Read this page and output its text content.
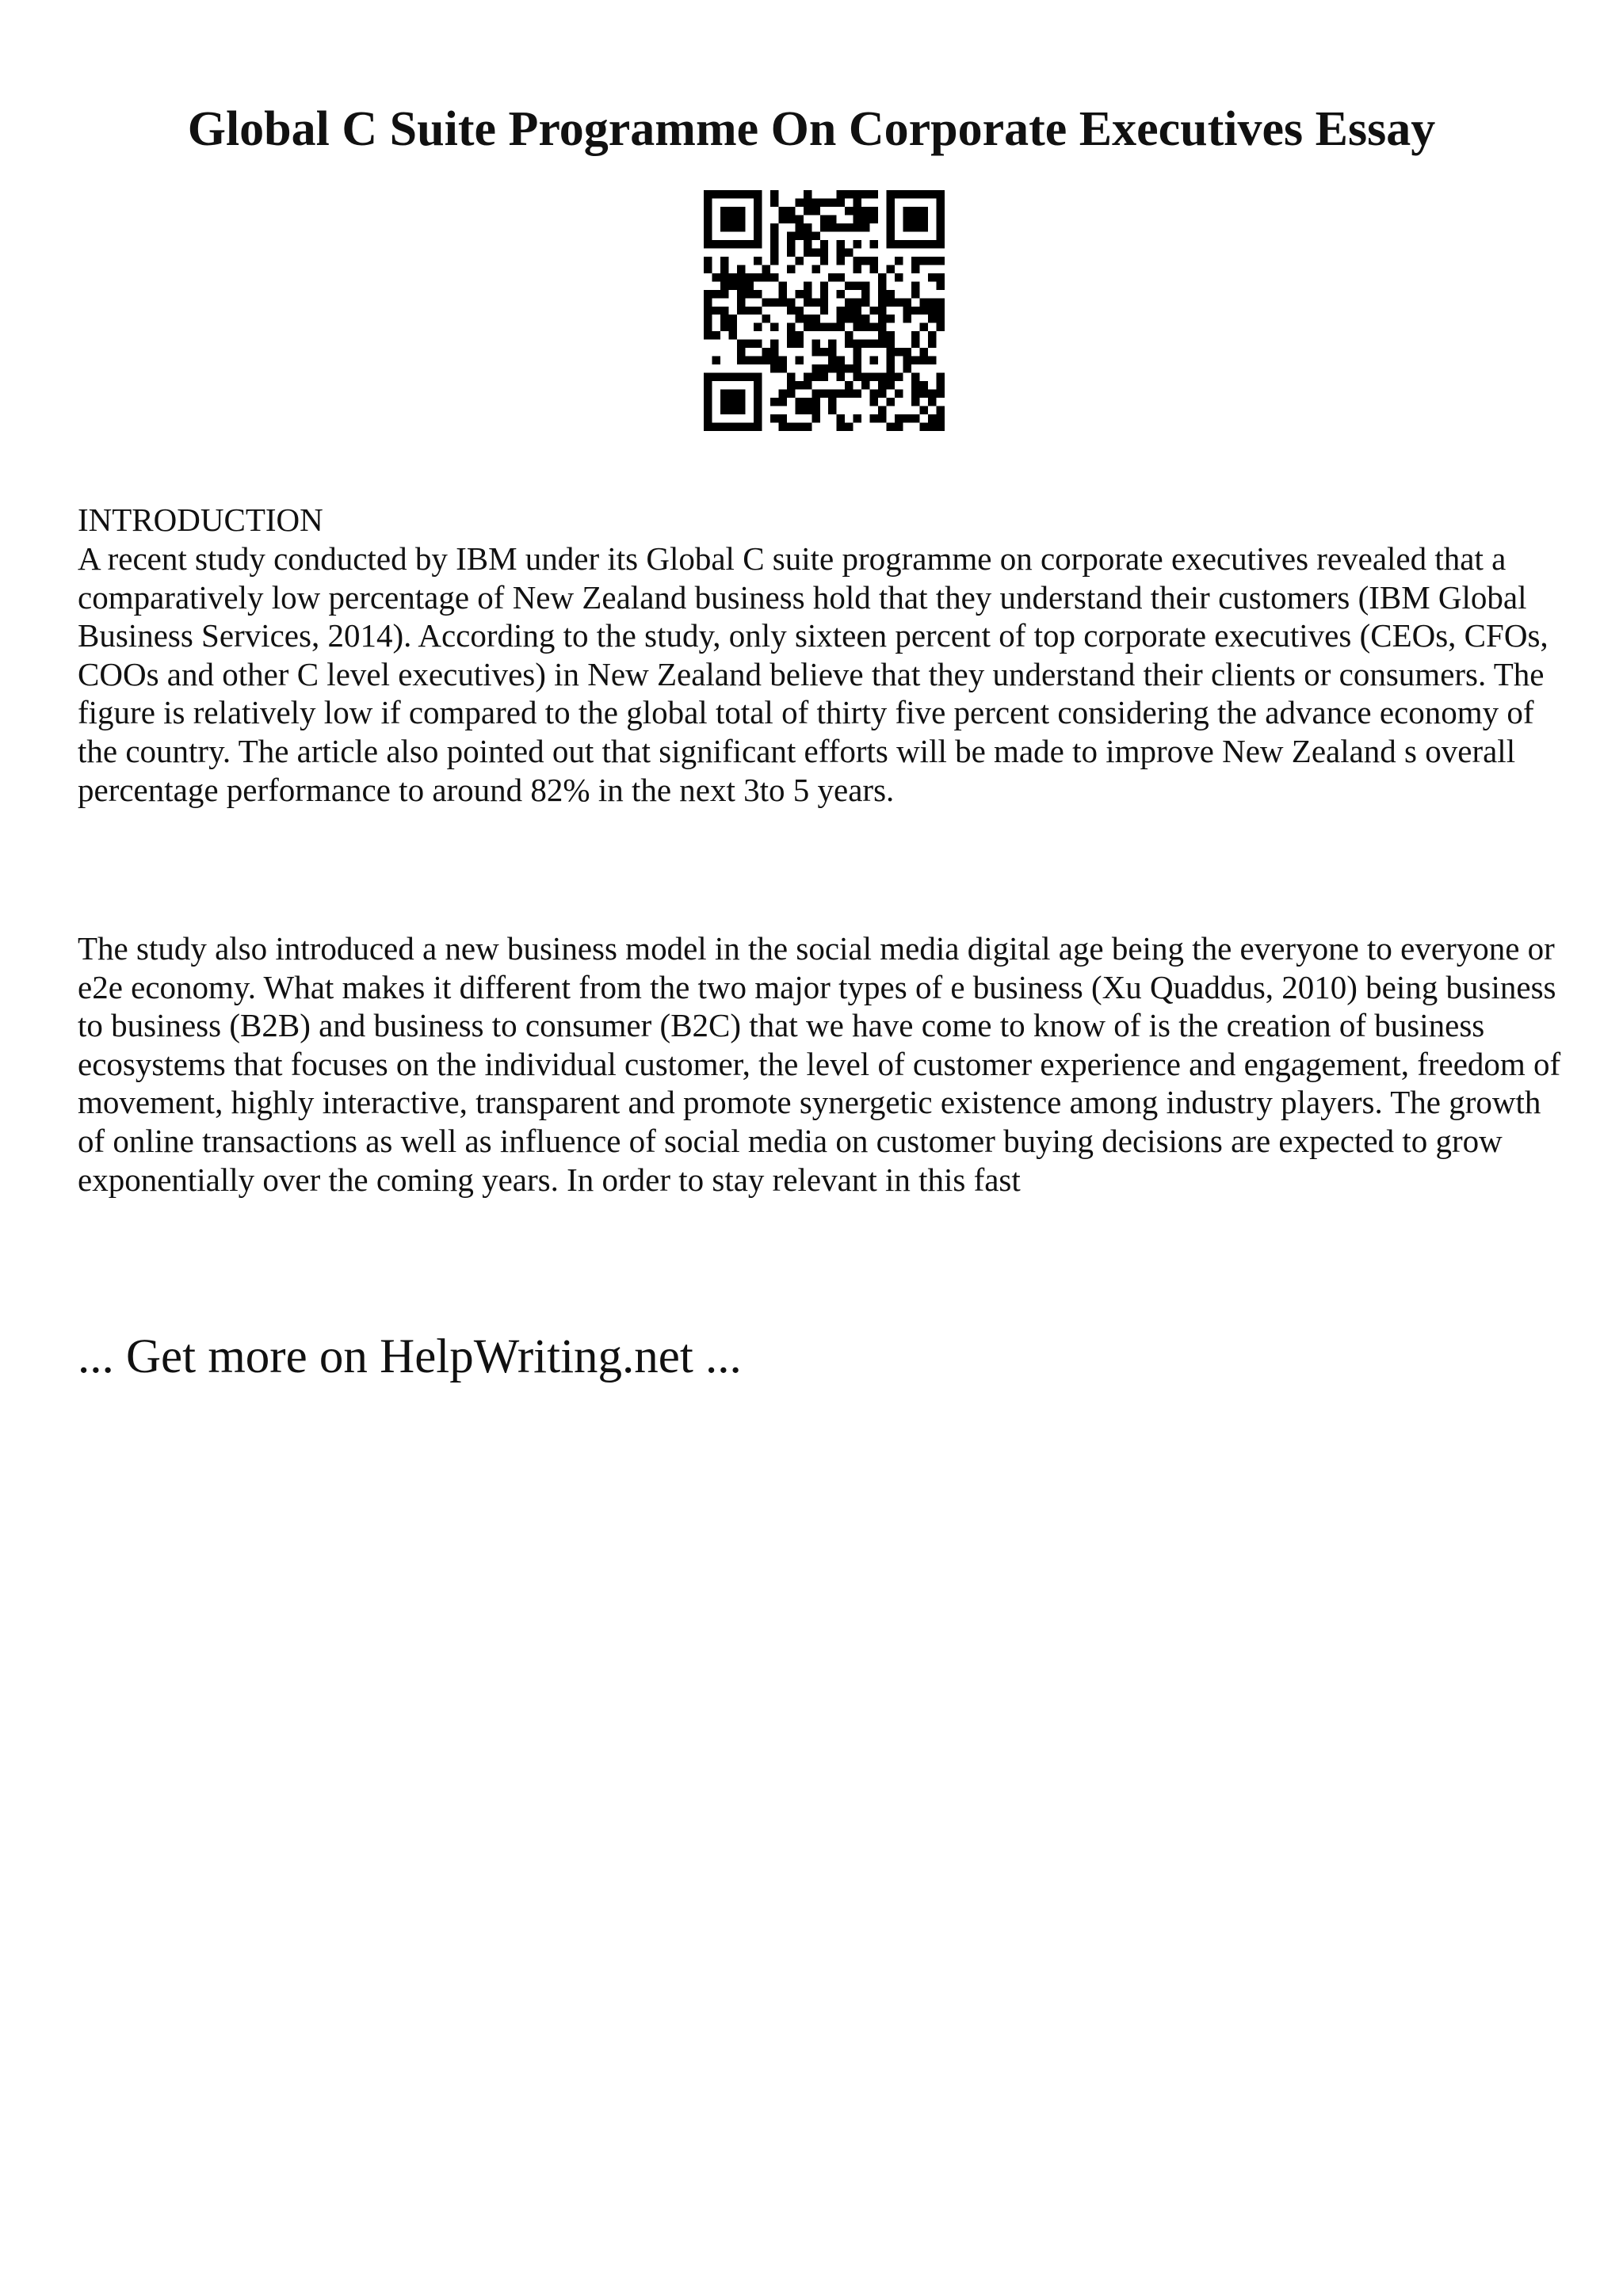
Global C Suite Programme On Corporate Executives Essay

INTRODUCTION

A recent study conducted by IBM under its Global C suite programme on corporate executives revealed that a comparatively low percentage of New Zealand business hold that they understand their customers (IBM Global Business Services, 2014). According to the study, only sixteen percent of top corporate executives (CEOs, CFOs, COOs and other C level executives) in New Zealand believe that they understand their clients or consumers. The figure is relatively low if compared to the global total of thirty five percent considering the advance economy of the country. The article also pointed out that significant efforts will be made to improve New Zealand s overall percentage performance to around 82% in the next 3to 5 years.

The study also introduced a new business model in the social media digital age being the everyone to everyone or e2e economy. What makes it different from the two major types of e business (Xu Quaddus, 2010) being business to business (B2B) and business to consumer (B2C) that we have come to know of is the creation of business ecosystems that focuses on the individual customer, the level of customer experience and engagement, freedom of movement, highly interactive, transparent and promote synergetic existence among industry players. The growth of online transactions as well as influence of social media on customer buying decisions are expected to grow exponentially over the coming years. In order to stay relevant in this fast

... Get more on HelpWriting.net ...
